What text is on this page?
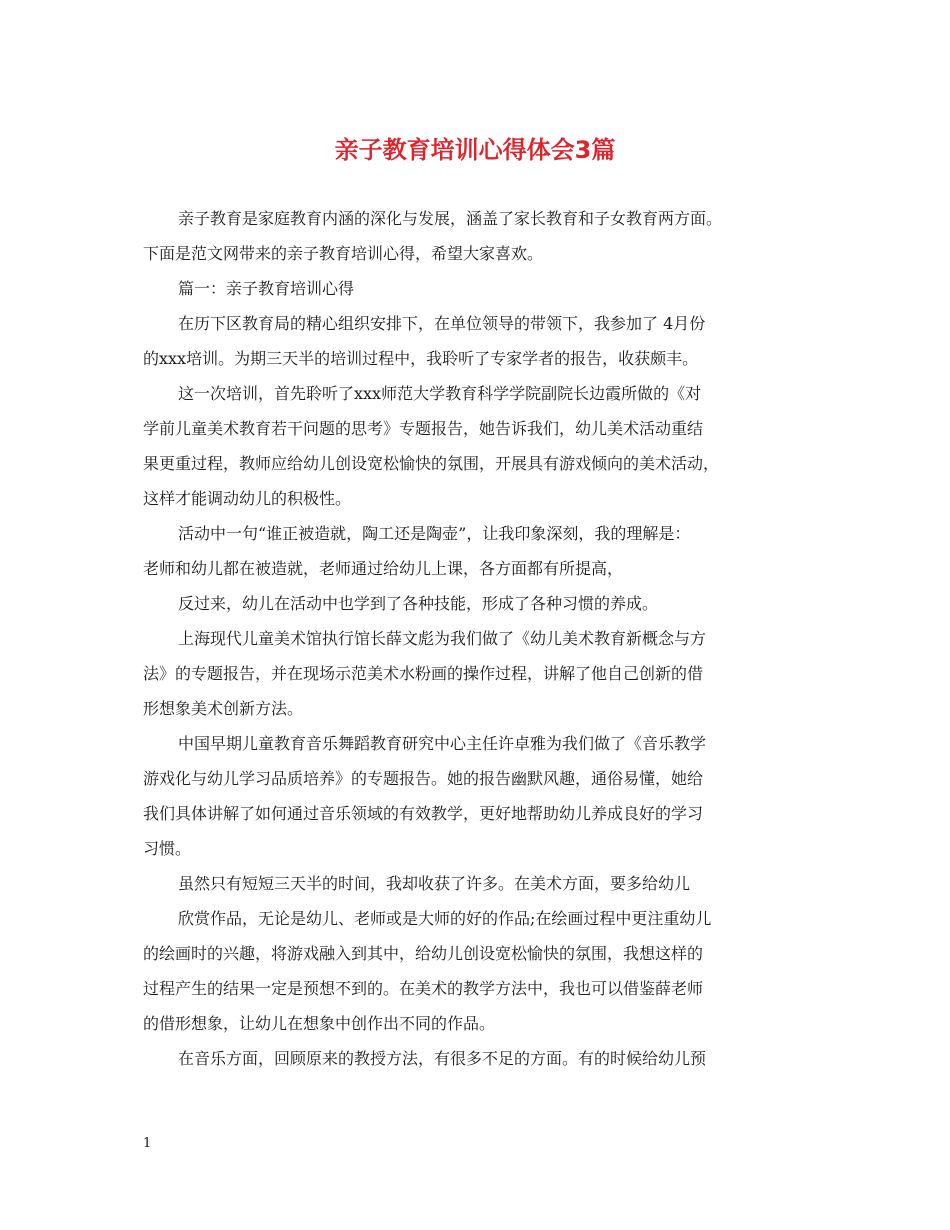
亲子教育培训心得体会3篇
亲子教育是家庭教育内涵的深化与发展，涵盖了家长教育和子女教育两方面。
下面是范文网带来的亲子教育培训心得，希望大家喜欢。
篇一：亲子教育培训心得
在历下区教育局的精心组织安排下，在单位领导的带领下，我参加了 4月份
的xxx培训。为期三天半的培训过程中，我聆听了专家学者的报告，收获颇丰。
这一次培训，首先聆听了xxx师范大学教育科学学院副院长边霞所做的《对
学前儿童美术教育若干问题的思考》专题报告，她告诉我们，幼儿美术活动重结
果更重过程，教师应给幼儿创设宽松愉快的氛围，开展具有游戏倾向的美术活动，
这样才能调动幼儿的积极性。
活动中一句“谁正被造就，陶工还是陶壶”，让我印象深刻，我的理解是：
老师和幼儿都在被造就，老师通过给幼儿上课，各方面都有所提高，
反过来，幼儿在活动中也学到了各种技能，形成了各种习惯的养成。
上海现代儿童美术馆执行馆长薛文彪为我们做了《幼儿美术教育新概念与方
法》的专题报告，并在现场示范美术水粉画的操作过程，讲解了他自己创新的借
形想象美术创新方法。
中国早期儿童教育音乐舞蹈教育研究中心主任许卓雅为我们做了《音乐教学
游戏化与幼儿学习品质培养》的专题报告。她的报告幽默风趣，通俗易懂，她给
我们具体讲解了如何通过音乐领域的有效教学，更好地帮助幼儿养成良好的学习
习惯。
虽然只有短短三天半的时间，我却收获了许多。在美术方面，要多给幼儿
欣赏作品，无论是幼儿、老师或是大师的好的作品;在绘画过程中更注重幼儿
的绘画时的兴趣，将游戏融入到其中，给幼儿创设宽松愉快的氛围，我想这样的
过程产生的结果一定是预想不到的。在美术的教学方法中，我也可以借鉴薛老师
的借形想象，让幼儿在想象中创作出不同的作品。
在音乐方面，回顾原来的教授方法，有很多不足的方面。有的时候给幼儿预
1
